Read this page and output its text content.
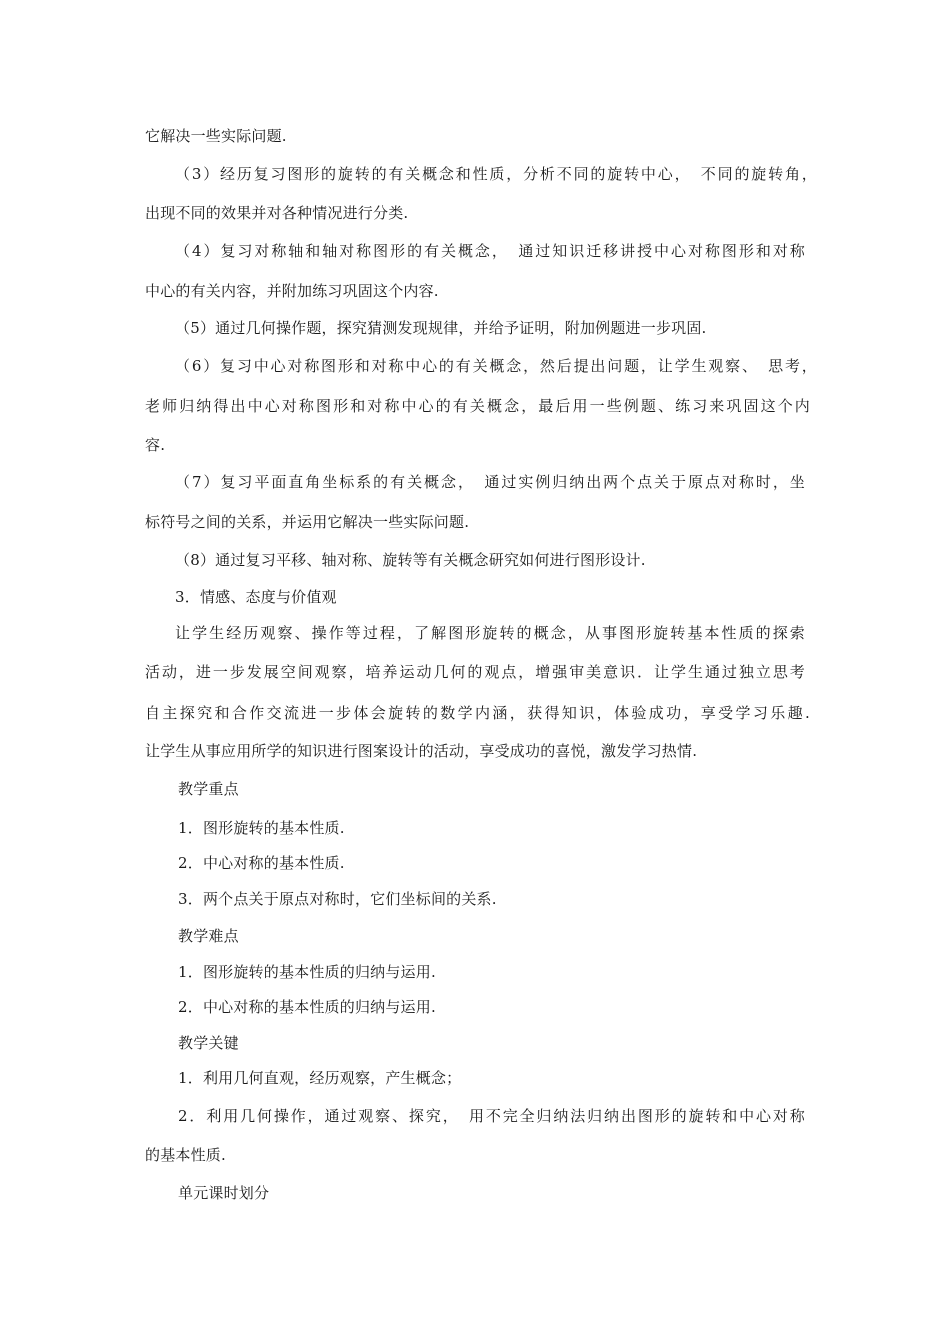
它解决一些实际问题.
（3）经历复习图形的旋转的有关概念和性质，分析不同的旋转中心，　不同的旋转角，
出现不同的效果并对各种情况进行分类.
（4）复习对称轴和轴对称图形的有关概念，　通过知识迁移讲授中心对称图形和对称
中心的有关内容，并附加练习巩固这个内容.
（5）通过几何操作题，探究猜测发现规律，并给予证明，附加例题进一步巩固.
（6）复习中心对称图形和对称中心的有关概念，然后提出问题，让学生观察、　思考，
老师归纳得出中心对称图形和对称中心的有关概念，最后用一些例题、练习来巩固这个内
容.
（7）复习平面直角坐标系的有关概念，　通过实例归纳出两个点关于原点对称时，坐
标符号之间的关系，并运用它解决一些实际问题.
（8）通过复习平移、轴对称、旋转等有关概念研究如何进行图形设计.
3．情感、态度与价值观
让学生经历观察、操作等过程，了解图形旋转的概念，从事图形旋转基本性质的探索
活动，进一步发展空间观察，培养运动几何的观点，增强审美意识．让学生通过独立思考
自主探究和合作交流进一步体会旋转的数学内涵，获得知识，体验成功，享受学习乐趣.
让学生从事应用所学的知识进行图案设计的活动，享受成功的喜悦，激发学习热情.
教学重点
1．图形旋转的基本性质.
2．中心对称的基本性质.
3．两个点关于原点对称时，它们坐标间的关系.
教学难点
1．图形旋转的基本性质的归纳与运用.
2．中心对称的基本性质的归纳与运用.
教学关键
1．利用几何直观，经历观察，产生概念；
2．利用几何操作，通过观察、探究，　用不完全归纳法归纳出图形的旋转和中心对称
的基本性质.
单元课时划分
